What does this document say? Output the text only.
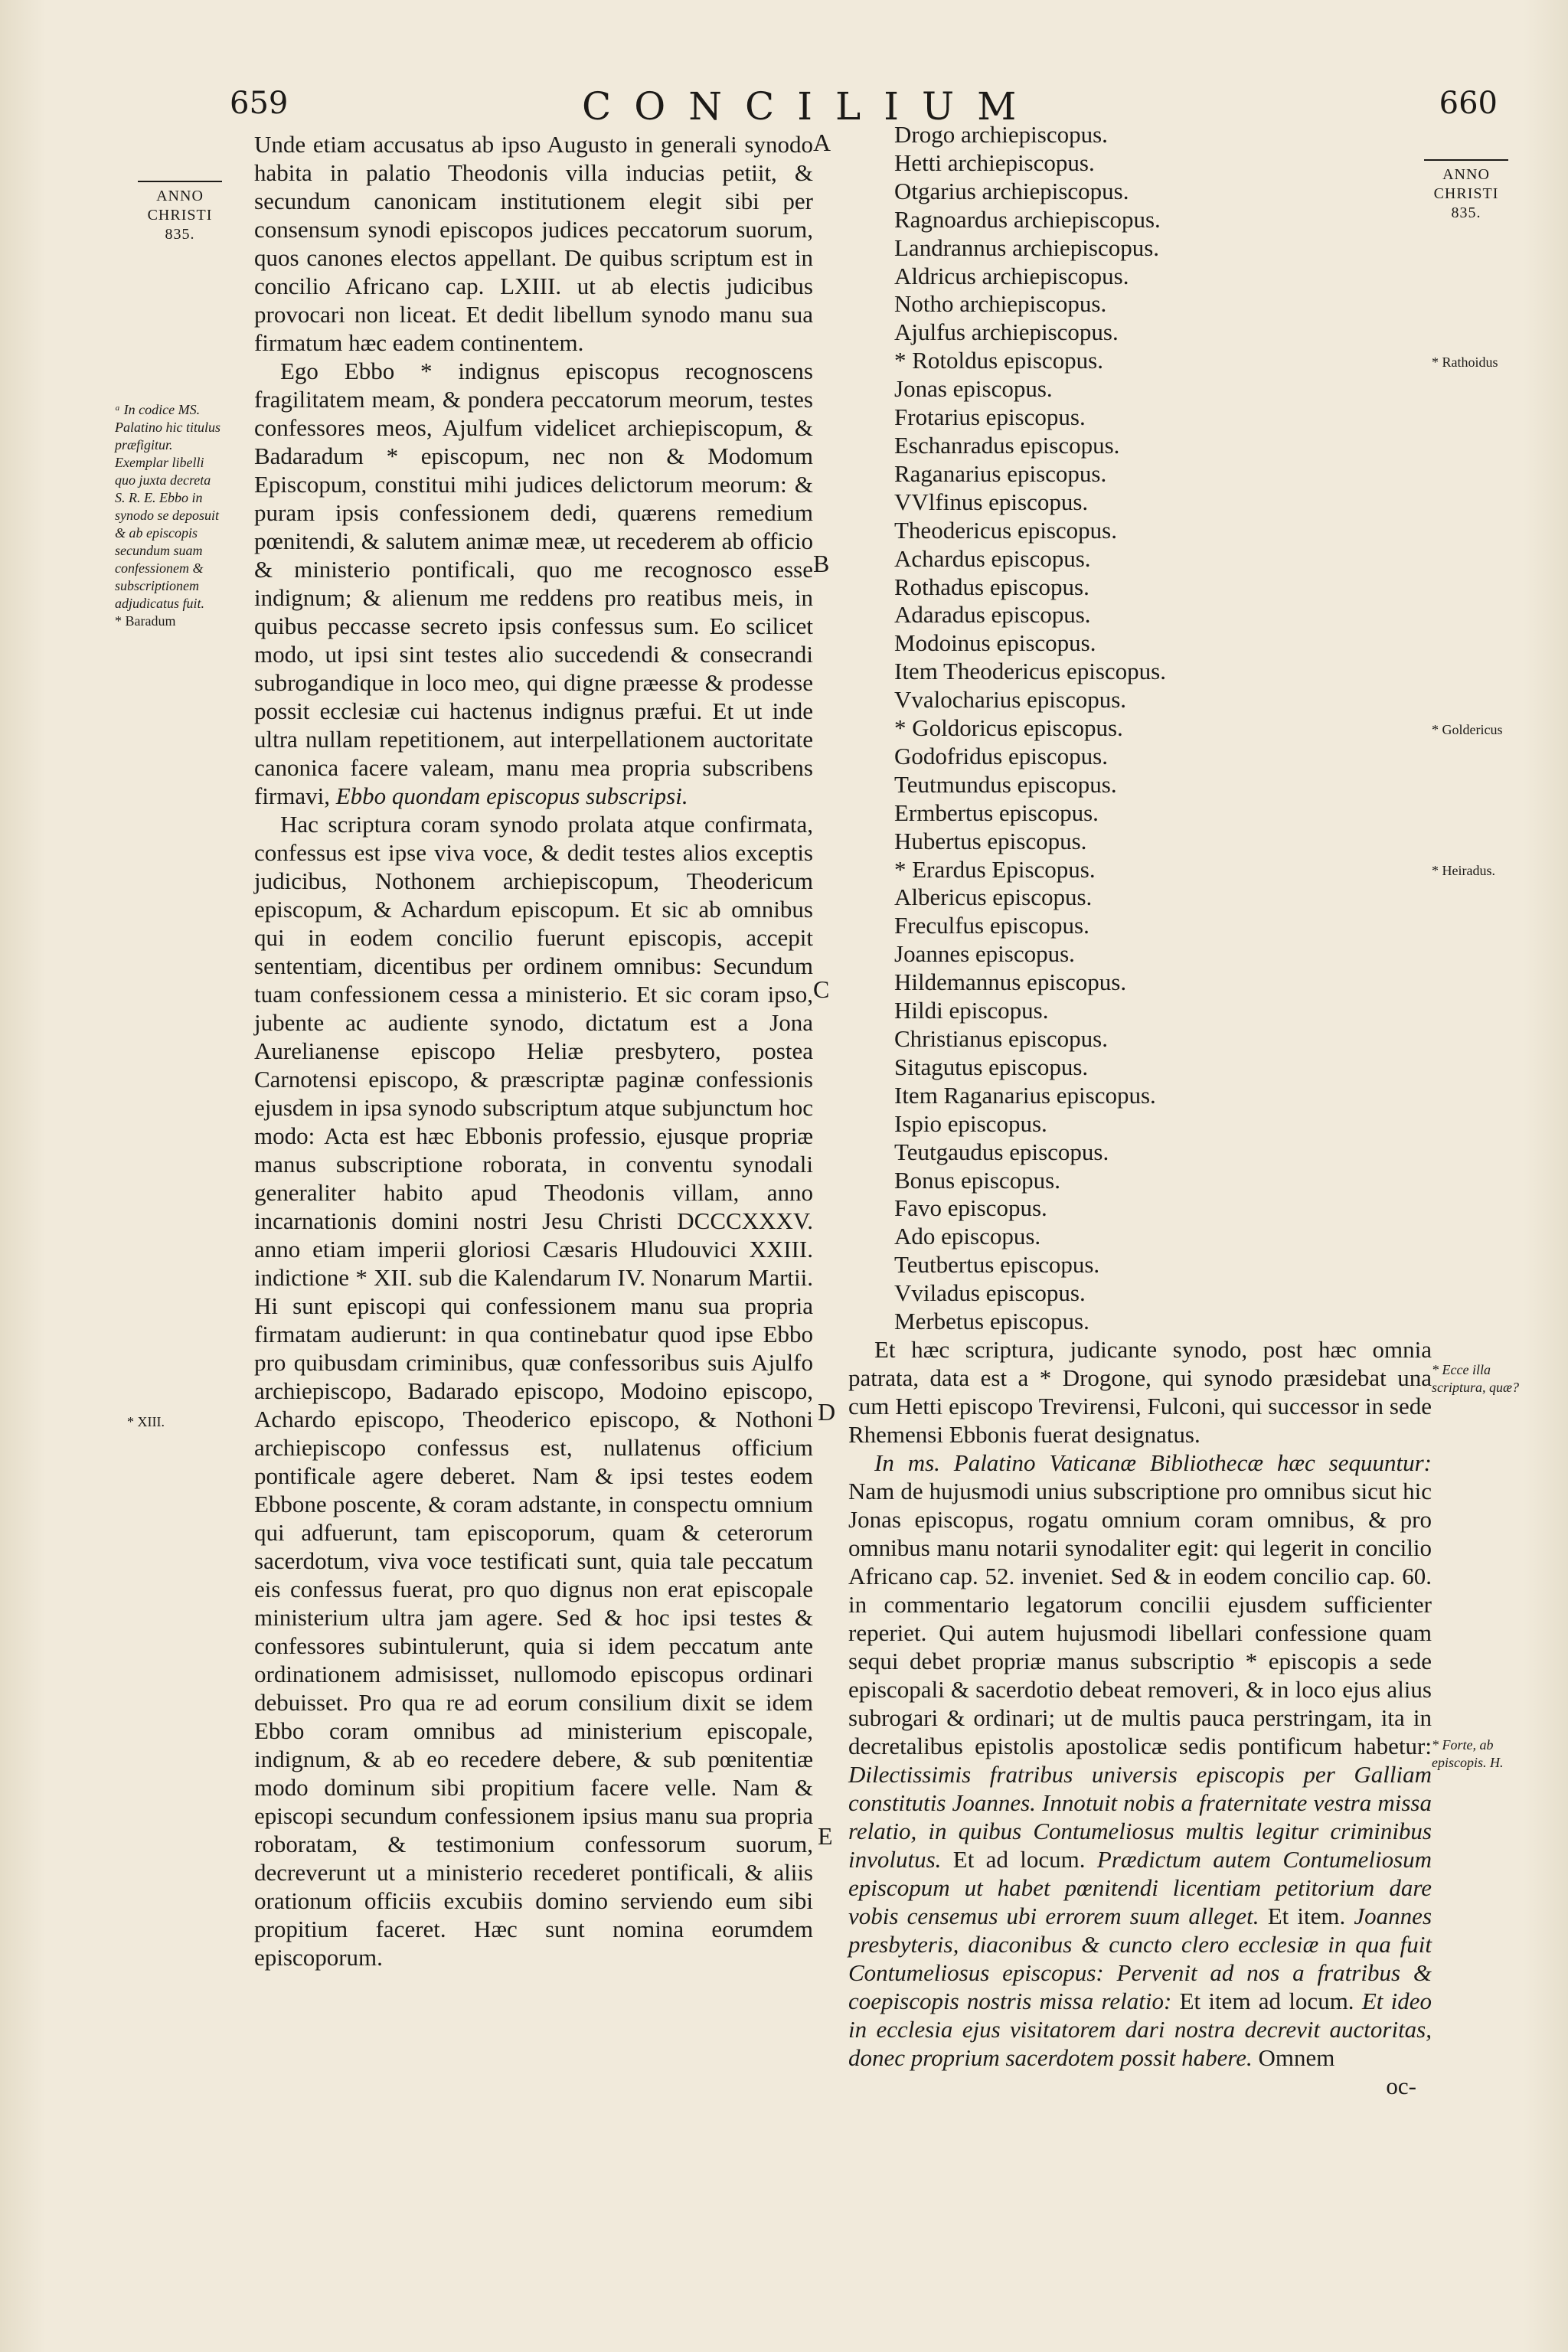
659	CONCILIUM	660
ANNO
CHRISTI
835.
ANNO
CHRISTI
835.
A
B
C
D
E
ᵃ In codice MS. Palatino hic titulus præfigitur. Exemplar libelli quo juxta decreta S. R. E. Ebbo in synodo se deposuit & ab episcopis secundum suam confessionem & subscriptionem adjudicatus fuit.
* Baradum
* XIII.
* Rathoidus
* Goldericus
* Heiradus.
* Ecce illa scriptura, quæ?
* Forte, ab episcopis. H.

Unde etiam accusatus ab ipso Augusto in generali synodo habita in palatio Theodonis villa inducias petiit, & secundum canonicam institutionem elegit sibi per consensum synodi episcopos judices peccatorum suorum, quos canones electos appellant. De quibus scriptum est in concilio Africano cap. LXIII. ut ab electis judicibus provocari non liceat. Et dedit libellum synodo manu sua firmatum hæc eadem continentem.

Ego Ebbo * indignus episcopus recognoscens fragilitatem meam, & pondera peccatorum meorum, testes confessores meos, Ajulfum videlicet archiepiscopum, & Badaradum * episcopum, nec non & Modomum Episcopum, constitui mihi judices delictorum meorum: & puram ipsis confessionem dedi, quærens remedium pœnitendi, & salutem animæ meæ, ut recederem ab officio & ministerio pontificali, quo me recognosco esse indignum; & alienum me reddens pro reatibus meis, in quibus peccasse secreto ipsis confessus sum. Eo scilicet modo, ut ipsi sint testes alio succedendi & consecrandi subrogandique in loco meo, qui digne præesse & prodesse possit ecclesiæ cui hactenus indignus præfui. Et ut inde ultra nullam repetitionem, aut interpellationem auctoritate canonica facere valeam, manu mea propria subscribens firmavi, Ebbo quondam episcopus subscripsi.

Hac scriptura coram synodo prolata atque confirmata, confessus est ipse viva voce, & dedit testes alios exceptis judicibus, Nothonem archiepiscopum, Theodericum episcopum, & Achardum episcopum. Et sic ab omnibus qui in eodem concilio fuerunt episcopis, accepit sententiam, dicentibus per ordinem omnibus: Secundum tuam confessionem cessa a ministerio. Et sic coram ipso, jubente ac audiente synodo, dictatum est a Jona Aurelianense episcopo Heliæ presbytero, postea Carnotensi episcopo, & præscriptæ paginæ confessionis ejusdem in ipsa synodo subscriptum atque subjunctum hoc modo: Acta est hæc Ebbonis professio, ejusque propriæ manus subscriptione roborata, in conventu synodali generaliter habito apud Theodonis villam, anno incarnationis domini nostri Jesu Christi DCCCXXXV. anno etiam imperii gloriosi Cæsaris Hludouvici XXIII. indictione * XII. sub die Kalendarum IV. Nonarum Martii. Hi sunt episcopi qui confessionem manu sua propria firmatam audierunt: in qua continebatur quod ipse Ebbo pro quibusdam criminibus, quæ confessoribus suis Ajulfo archiepiscopo, Badarado episcopo, Modoino episcopo, Achardo episcopo, Theoderico episcopo, & Nothoni archiepiscopo confessus est, nullatenus officium pontificale agere deberet. Nam & ipsi testes eodem Ebbone poscente, & coram adstante, in conspectu omnium qui adfuerunt, tam episcoporum, quam & ceterorum sacerdotum, viva voce testificati sunt, quia tale peccatum eis confessus fuerat, pro quo dignus non erat episcopale ministerium ultra jam agere. Sed & hoc ipsi testes & confessores subintulerunt, quia si idem peccatum ante ordinationem admisisset, nullomodo episcopus ordinari debuisset. Pro qua re ad eorum consilium dixit se idem Ebbo coram omnibus ad ministerium episcopale, indignum, & ab eo recedere debere, & sub pœnitentiæ modo dominum sibi propitium facere velle. Nam & episcopi secundum confessionem ipsius manu sua propria roboratam, & testimonium confessorum suorum, decreverunt ut a ministerio recederet pontificali, & aliis orationum officiis excubiis domino serviendo eum sibi propitium faceret. Hæc sunt nomina eorumdem episcoporum.

Drogo archiepiscopus.
Hetti archiepiscopus.
Otgarius archiepiscopus.
Ragnoardus archiepiscopus.
Landrannus archiepiscopus.
Aldricus archiepiscopus.
Notho archiepiscopus.
Ajulfus archiepiscopus.
* Rotoldus episcopus.
Jonas episcopus.
Frotarius episcopus.
Eschanradus episcopus.
Raganarius episcopus.
VVlfinus episcopus.
Theodericus episcopus.
Achardus episcopus.
Rothadus episcopus.
Adaradus episcopus.
Modoinus episcopus.
Item Theodericus episcopus.
Vvalocharius episcopus.
* Goldoricus episcopus.
Godofridus episcopus.
Teutmundus episcopus.
Ermbertus episcopus.
Hubertus episcopus.
* Erardus Episcopus.
Albericus episcopus.
Freculfus episcopus.
Joannes episcopus.
Hildemannus episcopus.
Hildi episcopus.
Christianus episcopus.
Sitagutus episcopus.
Item Raganarius episcopus.
Ispio episcopus.
Teutgaudus episcopus.
Bonus episcopus.
Favo episcopus.
Ado episcopus.
Teutbertus episcopus.
Vviladus episcopus.
Merbetus episcopus.

Et hæc scriptura, judicante synodo, post hæc omnia patrata, data est a * Drogone, qui synodo præsidebat una cum Hetti episcopo Trevirensi, Fulconi, qui successor in sede Rhemensi Ebbonis fuerat designatus.

In ms. Palatino Vaticanæ Bibliothecæ hæc sequuntur: Nam de hujusmodi unius subscriptione pro omnibus sicut hic Jonas episcopus, rogatu omnium coram omnibus, & pro omnibus manu notarii synodaliter egit: qui legerit in concilio Africano cap. 52. inveniet. Sed & in eodem concilio cap. 60. in commentario legatorum concilii ejusdem sufficienter reperiet. Qui autem hujusmodi libellari confessione quam sequi debet propriæ manus subscriptio * episcopis a sede episcopali & sacerdotio debeat removeri, & in loco ejus alius subrogari & ordinari; ut de multis pauca perstringam, ita in decretalibus epistolis apostolicæ sedis pontificum habetur: Dilectissimis fratribus universis episcopis per Galliam constitutis Joannes. Innotuit nobis a fraternitate vestra missa relatio, in quibus Contumeliosus multis legitur criminibus involutus. Et ad locum. Prædictum autem Contumeliosum episcopum ut habet pœnitendi licentiam petitorium dare vobis censemus ubi errorem suum alleget. Et item. Joannes presbyteris, diaconibus & cuncto clero ecclesiæ in qua fuit Contumeliosus episcopus: Pervenit ad nos a fratribus & coepiscopis nostris missa relatio: Et item ad locum. Et ideo in ecclesia ejus visitatorem dari nostra decrevit auctoritas, donec proprium sacerdotem possit habere. Omnem

oc-
